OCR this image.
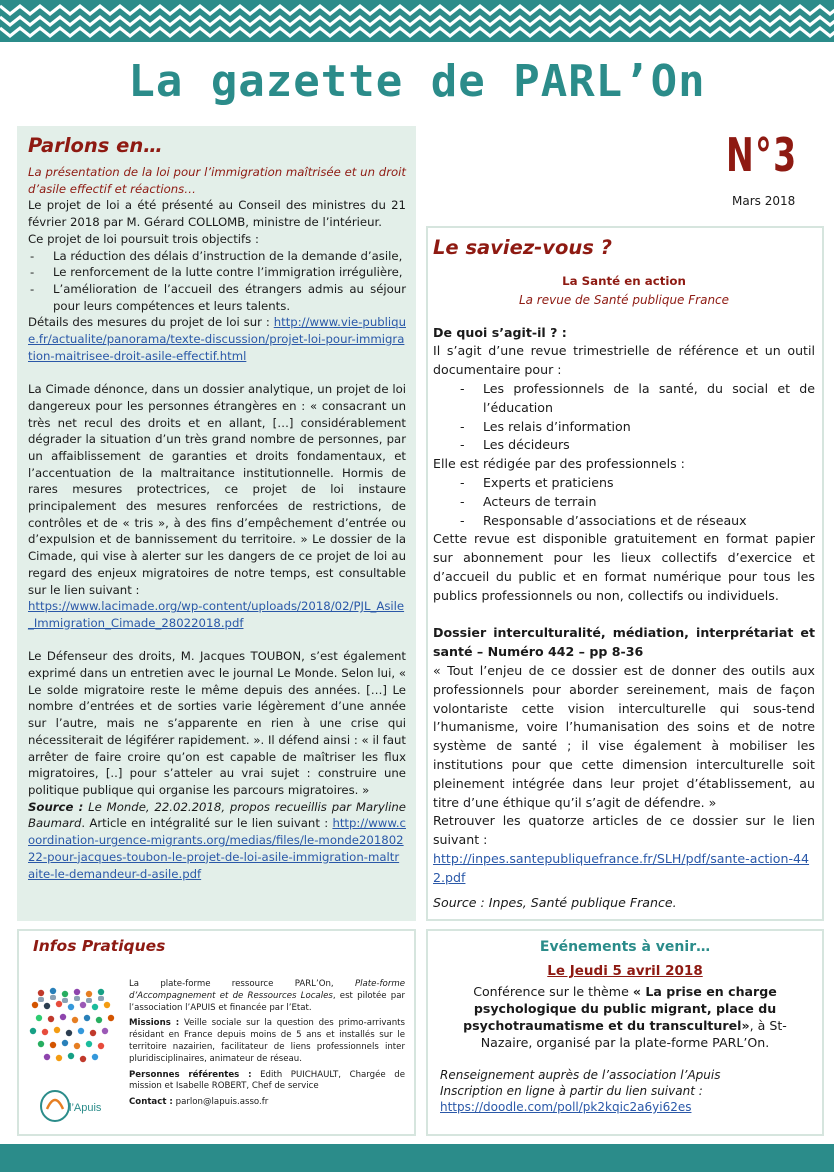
La gazette de PARL’On
Parlons en…

La présentation de la loi pour l’immigration maîtrisée et un droit d’asile effectif et réactions…

Le projet de loi a été présenté au Conseil des ministres du 21 février 2018 par M. Gérard COLLOMB, ministre de l’intérieur.

Ce projet de loi poursuit trois objectifs :

- La réduction des délais d’instruction de la demande d’asile,
- Le renforcement de la lutte contre l’immigration irrégulière,
- L’amélioration de l’accueil des étrangers admis au séjour pour leurs compétences et leurs talents.

Détails des mesures du projet de loi sur : http://www.vie-publique.fr/actualite/panorama/texte-discussion/projet-loi-pour-immigration-maitrisee-droit-asile-effectif.html

La Cimade dénonce, dans un dossier analytique, un projet de loi dangereux pour les personnes étrangères en : « consacrant un très net recul des droits et en allant, […] considérablement dégrader la situation d’un très grand nombre de personnes, par un affaiblissement de garanties et droits fondamentaux, et l’accentuation de la maltraitance institutionnelle. Hormis de rares mesures protectrices, ce projet de loi instaure principalement des mesures renforcées de restrictions, de contrôles et de « tris », à des fins d’empêchement d’entrée ou d’expulsion et de bannissement du territoire. » Le dossier de la Cimade, qui vise à alerter sur les dangers de ce projet de loi au regard des enjeux migratoires de notre temps, est consultable sur le lien suivant :

https://www.lacimade.org/wp-content/uploads/2018/02/PJL_Asile_Immigration_Cimade_28022018.pdf

Le Défenseur des droits, M. Jacques TOUBON, s’est également exprimé dans un entretien avec le journal Le Monde. Selon lui, « Le solde migratoire reste le même depuis des années. […] Le nombre d’entrées et de sorties varie légèrement d’une année sur l’autre, mais ne s’apparente en rien à une crise qui nécessiterait de légiférer rapidement. ». Il défend ainsi : « il faut arrêter de faire croire qu’on est capable de maîtriser les flux migratoires, [..] pour s’atteler au vrai sujet : construire une politique publique qui organise les parcours migratoires. »

Source : Le Monde, 22.02.2018, propos recueillis par Maryline Baumard. Article en intégralité sur le lien suivant : http://www.coordination-urgence-migrants.org/medias/files/le-monde20180222-pour-jacques-toubon-le-projet-de-loi-asile-immigration-maltraite-le-demandeur-d-asile.pdf

N°3
Mars 2018
Le saviez-vous ?

La Santé en action

La revue de Santé publique France

De quoi s’agit-il ? :

Il s’agit d’une revue trimestrielle de référence et un outil documentaire pour :

- Les professionnels de la santé, du social et de l’éducation
- Les relais d’information
- Les décideurs

Elle est rédigée par des professionnels :

- Experts et praticiens
- Acteurs de terrain
- Responsable d’associations et de réseaux

Cette revue est disponible gratuitement en format papier sur abonnement pour les lieux collectifs d’exercice et d’accueil du public et en format numérique pour tous les publics professionnels ou non, collectifs ou individuels.

Dossier interculturalité, médiation, interprétariat et santé – Numéro 442 – pp 8-36

« Tout l’enjeu de ce dossier est de donner des outils aux professionnels pour aborder sereinement, mais de façon volontariste cette vision interculturelle qui sous-tend l’humanisme, voire l’humanisation des soins et de notre système de santé ; il vise également à mobiliser les institutions pour que cette dimension interculturelle soit pleinement intégrée dans leur projet d’établissement, au titre d’une éthique qu’il s’agit de défendre. »

Retrouver les quatorze articles de ce dossier sur le lien suivant :

http://inpes.santepubliquefrance.fr/SLH/pdf/sante-action-442.pdf

Source : Inpes, Santé publique France.

Infos Pratiques
l’Apuis

La plate-forme ressource PARL’On, Plate-forme d’Accompagnement et de Ressources Locales, est pilotée par l’association l’APUIS et financée par l’Etat.

Missions : Veille sociale sur la question des primo-arrivants résidant en France depuis moins de 5 ans et installés sur le territoire nazairien, facilitateur de liens professionnels inter pluridisciplinaires, animateur de réseau.

Personnes référentes : Edith PUICHAULT, Chargée de mission et Isabelle ROBERT, Chef de service

Contact : parlon@lapuis.asso.fr

Evénements à venir…
Le Jeudi 5 avril 2018
Conférence sur le thème « La prise en charge psychologique du public migrant, place du psychotraumatisme et du transculturel», à St-Nazaire, organisé par la plate-forme PARL’On.
Renseignement auprès de l’association l’Apuis
Inscription en ligne à partir du lien suivant :
https://doodle.com/poll/pk2kqic2a6yi62es
